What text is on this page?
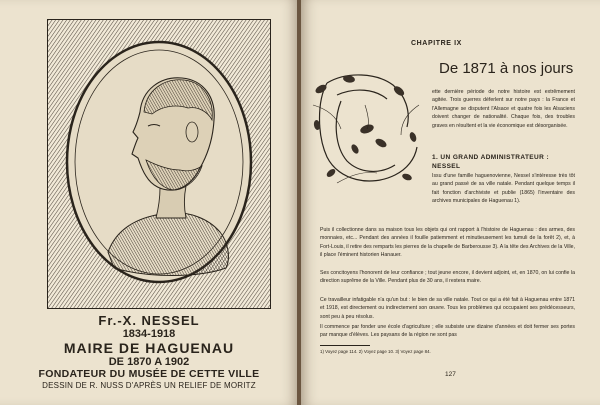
Fr.-X. NESSEL
1834-1918
MAIRE DE HAGUENAU
DE 1870 A 1902
FONDATEUR DU MUSÉE DE CETTE VILLE
DESSIN DE R. NUSS D'APRÈS UN RELIEF DE MORITZ
CHAPITRE IX
De 1871 à nos jours

ette dernière période de notre histoire est extrêmement agitée. Trois guerres déferlent sur notre pays : la France et l'Allemagne se disputent l'Alsace et quatre fois les Alsaciens doivent changer de nationalité. Chaque fois, des troubles graves en résultent et la vie économique est désorganisée.

1. UN GRAND ADMINISTRATEUR : NESSEL

Issu d'une famille haguenovienne, Nessel s'intéresse très tôt au grand passé de sa ville natale. Pendant quelque temps il fait fonction d'archiviste et publie (1865) l'inventaire des archives municipales de Haguenau 1).

Puis il collectionne dans sa maison tous les objets qui ont rapport à l'histoire de Haguenau : des armes, des monnaies, etc... Pendant des années il fouille patiemment et minutieusement les tumuli de la forêt 2), et, à Fort-Louis, il retire des remparts les pierres de la chapelle de Barberousse 3). A la tête des Archives de la Ville, il place l'éminent historien Hanauer.

Ses concitoyens l'honorent de leur confiance ; tout jeune encore, il devient adjoint, et, en 1870, on lui confie la direction suprême de la Ville. Pendant plus de 30 ans, il restera maire.

Ce travailleur infatigable n'a qu'un but : le bien de sa ville natale. Tout ce qui a été fait à Haguenau entre 1871 et 1918, est directement ou indirectement son œuvre. Tous les problèmes qui occupaient ses prédécesseurs, sont peu à peu résolus.

Il commence par fonder une école d'agriculture ; elle subsiste une dizaine d'années et doit fermer ses portes par manque d'élèves. Les paysans de la région ne sont pas

1) Voyez page 114. 2) Voyez page 10. 3) Voyez page 84.
127
